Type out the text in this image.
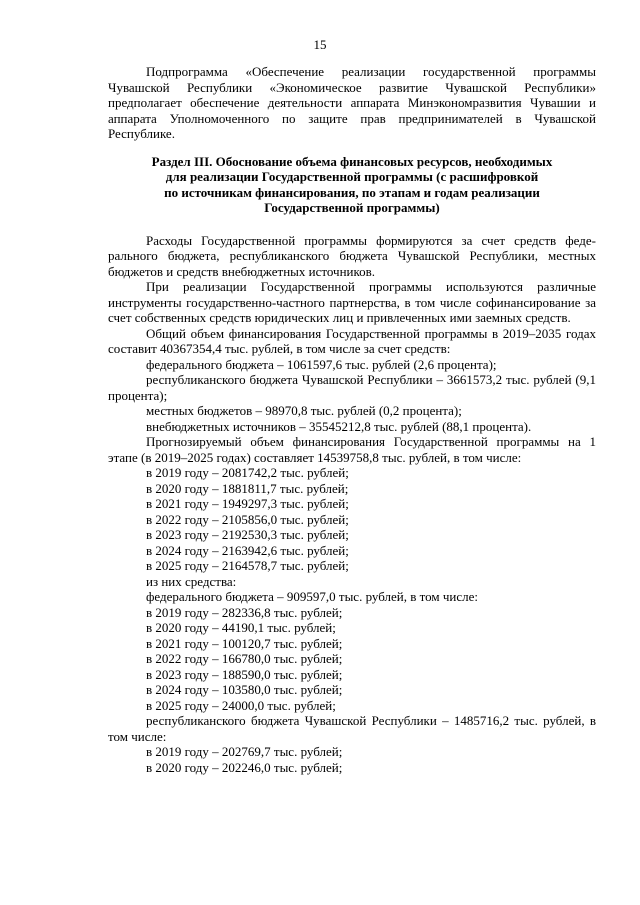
15

Подпрограмма «Обеспечение реализации государственной программы Чувашской Республики «Экономическое развитие Чувашской Республики» предполагает обеспечение деятельности аппарата Минэкономразвития Чувашии и аппарата Уполномоченного по защите прав предпринимателей в Чувашской Республике.

Раздел III. Обоснование объема финансовых ресурсов, необходимых
для реализации Государственной программы (с расшифровкой
по источникам финансирования, по этапам и годам реализации
Государственной программы)

Расходы Государственной программы формируются за счет средств федерального бюджета, республиканского бюджета Чувашской Республики, местных бюджетов и средств внебюджетных источников.

При реализации Государственной программы используются различные инструменты государственно-частного партнерства, в том числе софинансирование за счет собственных средств юридических лиц и привлеченных ими заемных средств.

Общий объем финансирования Государственной программы в 2019–2035 годах составит 40367354,4 тыс. рублей, в том числе за счет средств:

федерального бюджета – 1061597,6 тыс. рублей (2,6 процента);

республиканского бюджета Чувашской Республики – 3661573,2 тыс. рублей (9,1 процента);

местных бюджетов – 98970,8 тыс. рублей (0,2 процента);

внебюджетных источников – 35545212,8 тыс. рублей (88,1 процента).

Прогнозируемый объем финансирования Государственной программы на 1 этапе (в 2019–2025 годах) составляет 14539758,8 тыс. рублей, в том числе:

в 2019 году – 2081742,2 тыс. рублей;

в 2020 году – 1881811,7 тыс. рублей;

в 2021 году – 1949297,3 тыс. рублей;

в 2022 году – 2105856,0 тыс. рублей;

в 2023 году – 2192530,3 тыс. рублей;

в 2024 году – 2163942,6 тыс. рублей;

в 2025 году – 2164578,7 тыс. рублей;

из них средства:

федерального бюджета – 909597,0 тыс. рублей, в том числе:

в 2019 году – 282336,8 тыс. рублей;

в 2020 году – 44190,1 тыс. рублей;

в 2021 году – 100120,7 тыс. рублей;

в 2022 году – 166780,0 тыс. рублей;

в 2023 году – 188590,0 тыс. рублей;

в 2024 году – 103580,0 тыс. рублей;

в 2025 году – 24000,0 тыс. рублей;

республиканского бюджета Чувашской Республики – 1485716,2 тыс. рублей, в том числе:

в 2019 году – 202769,7 тыс. рублей;

в 2020 году – 202246,0 тыс. рублей;
